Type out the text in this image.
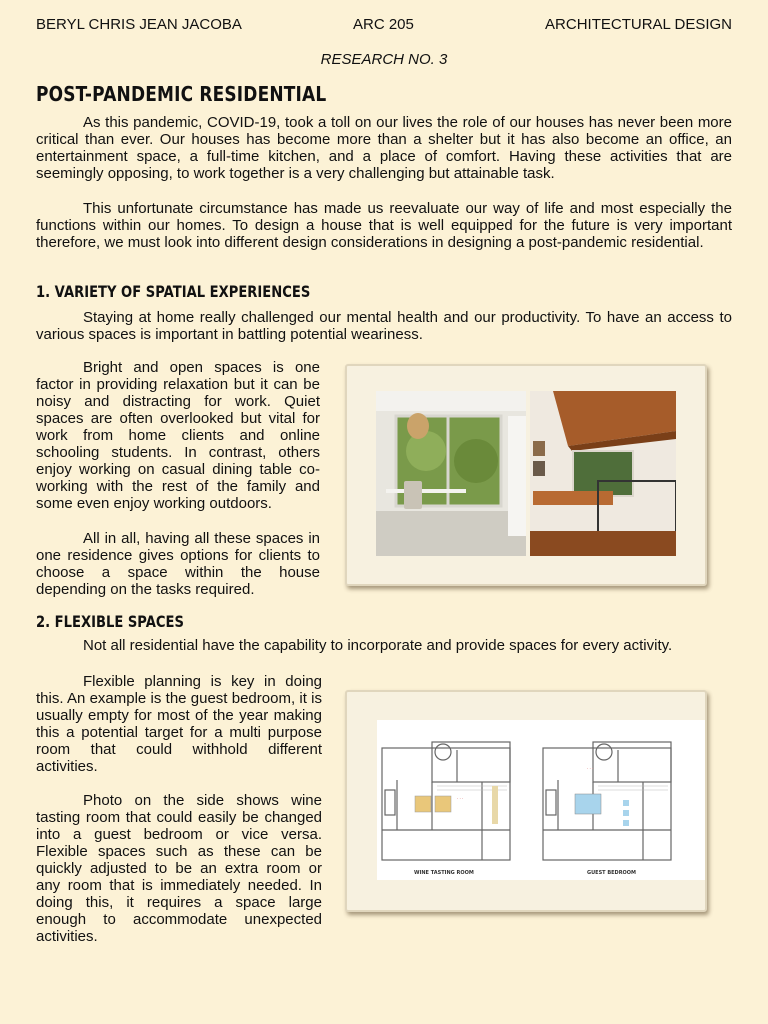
BERYL CHRIS JEAN JACOBA	ARC 205	ARCHITECTURAL DESIGN
RESEARCH NO. 3
POST-PANDEMIC RESIDENTIAL

As this pandemic, COVID-19, took a toll on our lives the role of our houses has never been more critical than ever. Our houses has become more than a shelter but it has also become an office, an entertainment space, a full-time kitchen, and a place of comfort. Having these activities that are seemingly opposing, to work together is a very challenging but attainable task.

This unfortunate circumstance has made us reevaluate our way of life and most especially the functions within our homes. To design a house that is well equipped for the future is very important therefore, we must look into different design considerations in designing a post-pandemic residential.

1. VARIETY OF SPATIAL EXPERIENCES

Staying at home really challenged our mental health and our productivity. To have an access to various spaces is important in battling potential weariness.

Bright and open spaces is one factor in providing relaxation but it can be noisy and distracting for work. Quiet spaces are often overlooked but vital for work from home clients and online schooling students. In contrast, others enjoy working on casual dining table co-working with the rest of the family and some even enjoy working outdoors.

All in all, having all these spaces in one residence gives options for clients to choose a space within the house depending on the tasks required.

2. FLEXIBLE SPACES

Not all residential have the capability to incorporate and provide spaces for every activity.

Flexible planning is key in doing this. An example is the guest bedroom, it is usually empty for most of the year making this a potential target for a multi purpose room that could withhold different activities.

Photo on the side shows wine tasting room that could easily be changed into a guest bedroom or vice versa. Flexible spaces such as these can be quickly adjusted to be an extra room or any room that is immediately needed. In doing this, it requires a space large enough to accommodate unexpected activities.

· · ·
· · ·
WINE TASTING ROOM	GUEST BEDROOM
